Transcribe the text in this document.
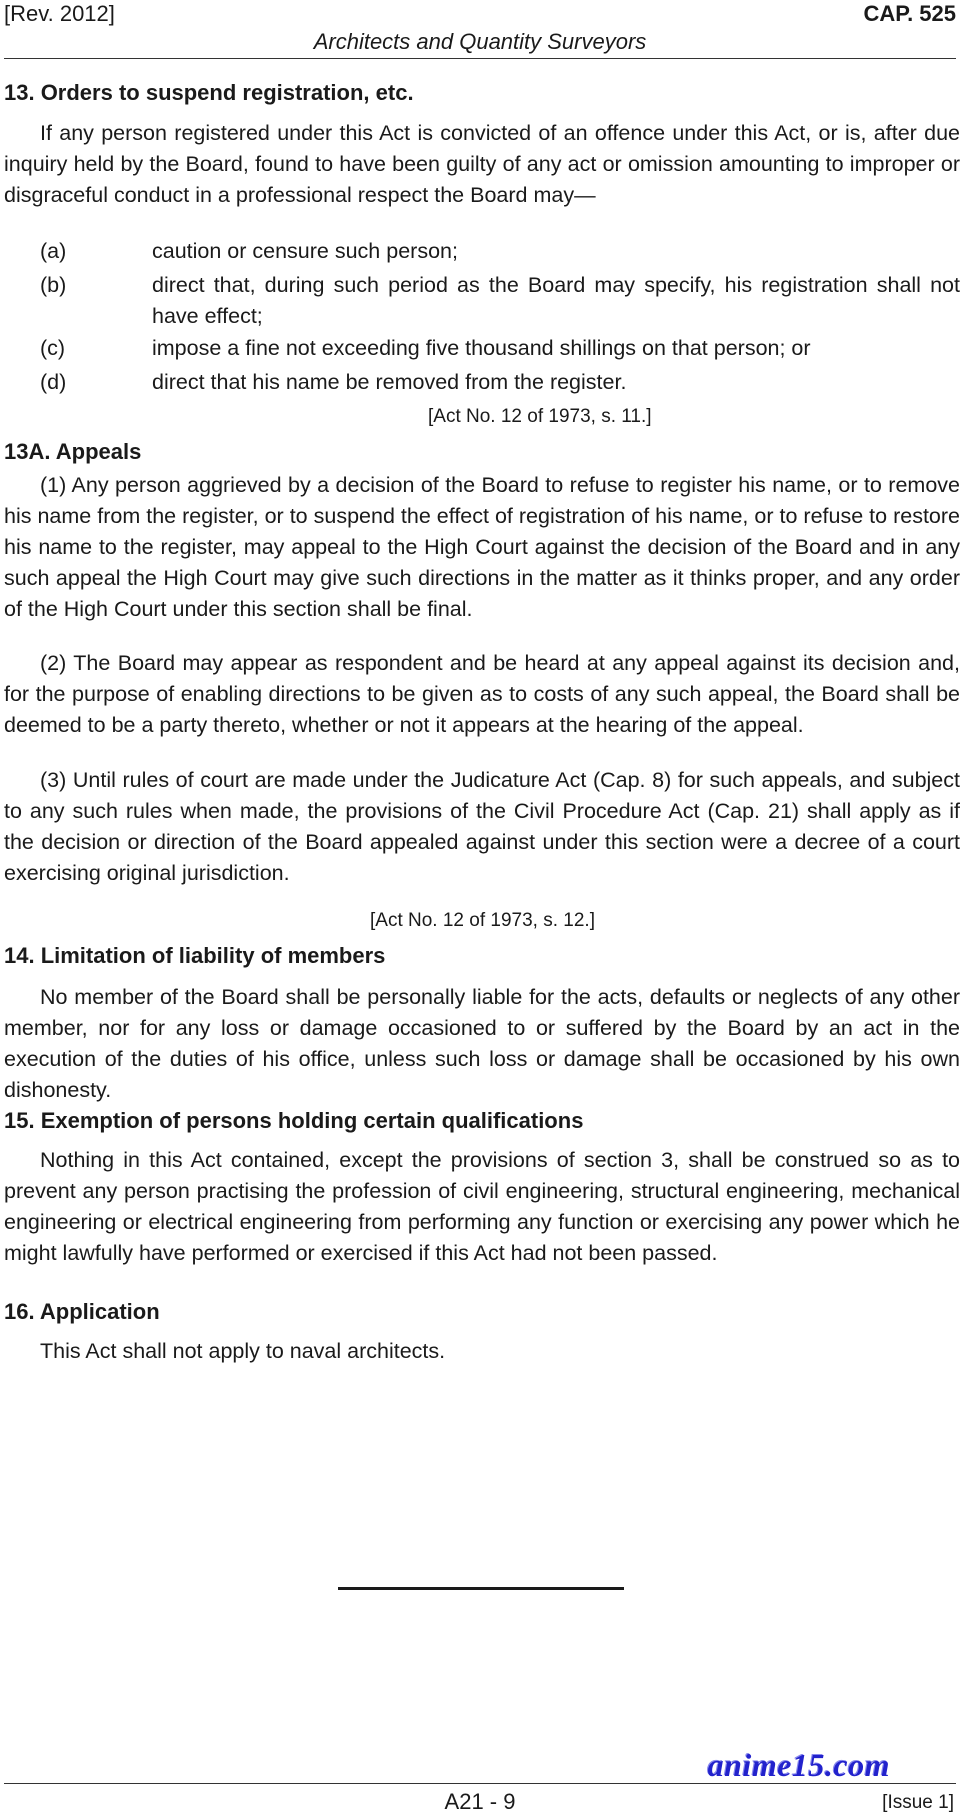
[Rev. 2012]	CAP. 525
Architects and Quantity Surveyors
13. Orders to suspend registration, etc.
If any person registered under this Act is convicted of an offence under this Act, or is, after due inquiry held by the Board, found to have been guilty of any act or omission amounting to improper or disgraceful conduct in a professional respect the Board may—
(a)	caution or censure such person;
(b)	direct that, during such period as the Board may specify, his registration shall not have effect;
(c)	impose a fine not exceeding five thousand shillings on that person; or
(d)	direct that his name be removed from the register.
[Act No. 12 of 1973, s. 11.]
13A. Appeals
(1) Any person aggrieved by a decision of the Board to refuse to register his name, or to remove his name from the register, or to suspend the effect of registration of his name, or to refuse to restore his name to the register, may appeal to the High Court against the decision of the Board and in any such appeal the High Court may give such directions in the matter as it thinks proper, and any order of the High Court under this section shall be final.
(2) The Board may appear as respondent and be heard at any appeal against its decision and, for the purpose of enabling directions to be given as to costs of any such appeal, the Board shall be deemed to be a party thereto, whether or not it appears at the hearing of the appeal.
(3) Until rules of court are made under the Judicature Act (Cap. 8) for such appeals, and subject to any such rules when made, the provisions of the Civil Procedure Act (Cap. 21) shall apply as if the decision or direction of the Board appealed against under this section were a decree of a court exercising original jurisdiction.
[Act No. 12 of 1973, s. 12.]
14. Limitation of liability of members
No member of the Board shall be personally liable for the acts, defaults or neglects of any other member, nor for any loss or damage occasioned to or suffered by the Board by an act in the execution of the duties of his office, unless such loss or damage shall be occasioned by his own dishonesty.
15. Exemption of persons holding certain qualifications
Nothing in this Act contained, except the provisions of section 3, shall be construed so as to prevent any person practising the profession of civil engineering, structural engineering, mechanical engineering or electrical engineering from performing any function or exercising any power which he might lawfully have performed or exercised if this Act had not been passed.
16. Application
This Act shall not apply to naval architects.
anime15.com
A21 - 9	[Issue 1]
